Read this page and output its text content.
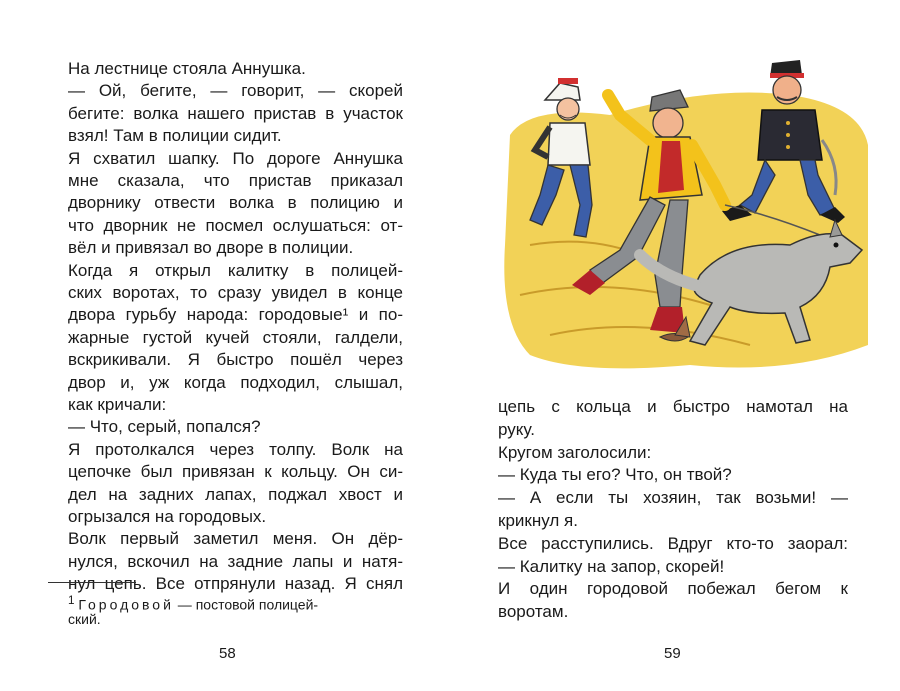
На лестнице стояла Аннушка.
— Ой, бегите, — говорит, — скорей
бегите: волка нашего пристав в участок
взял! Там в полиции сидит.
Я схватил шапку. По дороге Аннушка
мне сказала, что пристав приказал
дворнику отвести волка в полицию и
что дворник не посмел ослушаться: от-
вёл и привязал во дворе в полиции.
Когда я открыл калитку в полицей-
ских воротах, то сразу увидел в конце
двора гурьбу народа: городовые¹ и по-
жарные густой кучей стояли, галдели,
вскрикивали. Я быстро пошёл через
двор и, уж когда подходил, слышал,
как кричали:
— Что, серый, попался?
Я протолкался через толпу. Волк на
цепочке был привязан к кольцу. Он си-
дел на задних лапах, поджал хвост и
огрызался на городовых.
Волк первый заметил меня. Он дёр-
нулся, вскочил на задние лапы и натя-
нул цепь. Все отпрянули назад. Я снял
$^1$ Городовой — постовой полицей-
ский.
58
цепь с кольца и быстро намотал на
руку.
Кругом заголосили:
— Куда ты его? Что, он твой?
— А если ты хозяин, так возьми! —
крикнул я.
Все расступились. Вдруг кто-то заорал:
— Калитку на запор, скорей!
И один городовой побежал бегом к
воротам.
59
